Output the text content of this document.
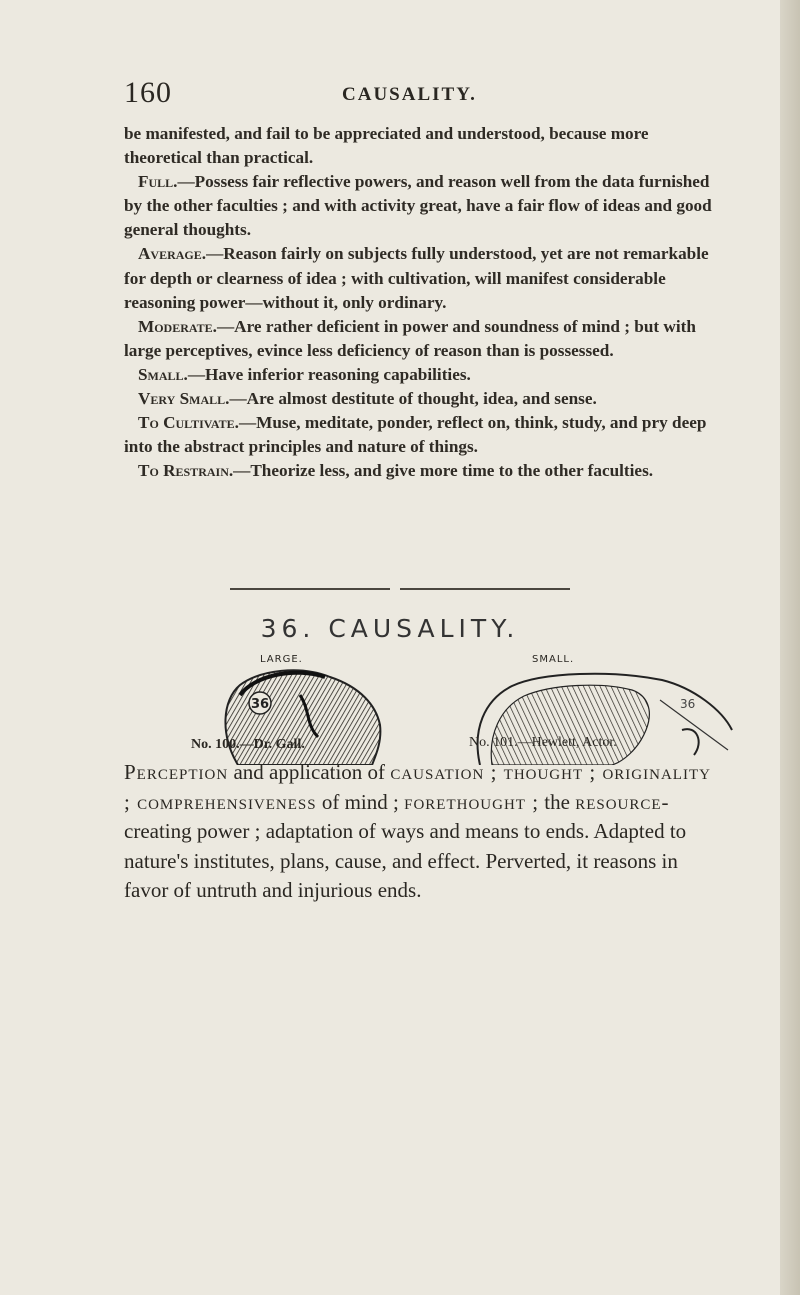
160	CAUSALITY.

be manifested, and fail to be appreciated and understood, because more theoretical than practical.

Full.—Possess fair reflective powers, and reason well from the data furnished by the other faculties ; and with activity great, have a fair flow of ideas and good general thoughts.

Average.—Reason fairly on subjects fully understood, yet are not remarkable for depth or clearness of idea ; with cultivation, will manifest considerable reasoning power—without it, only ordinary.

Moderate.—Are rather deficient in power and soundness of mind ; but with large perceptives, evince less deficiency of reason than is possessed.

Small.—Have inferior reasoning capabilities.

Very Small.—Are almost destitute of thought, idea, and sense.

To Cultivate.—Muse, meditate, ponder, reflect on, think, study, and pry deep into the abstract principles and nature of things.

To Restrain.—Theorize less, and give more time to the other faculties.

36. CAUSALITY.
LARGE.	SMALL.
36	36
No. 100.—Dr. Gall.	No. 101.—Hewlett, Actor.
Perception and application of causation ; thought ; originality ; comprehensiveness of mind ; forethought ; the resource-creating power ; adaptation of ways and means to ends. Adapted to nature's institutes, plans, cause, and effect. Perverted, it reasons in favor of untruth and injurious ends.
